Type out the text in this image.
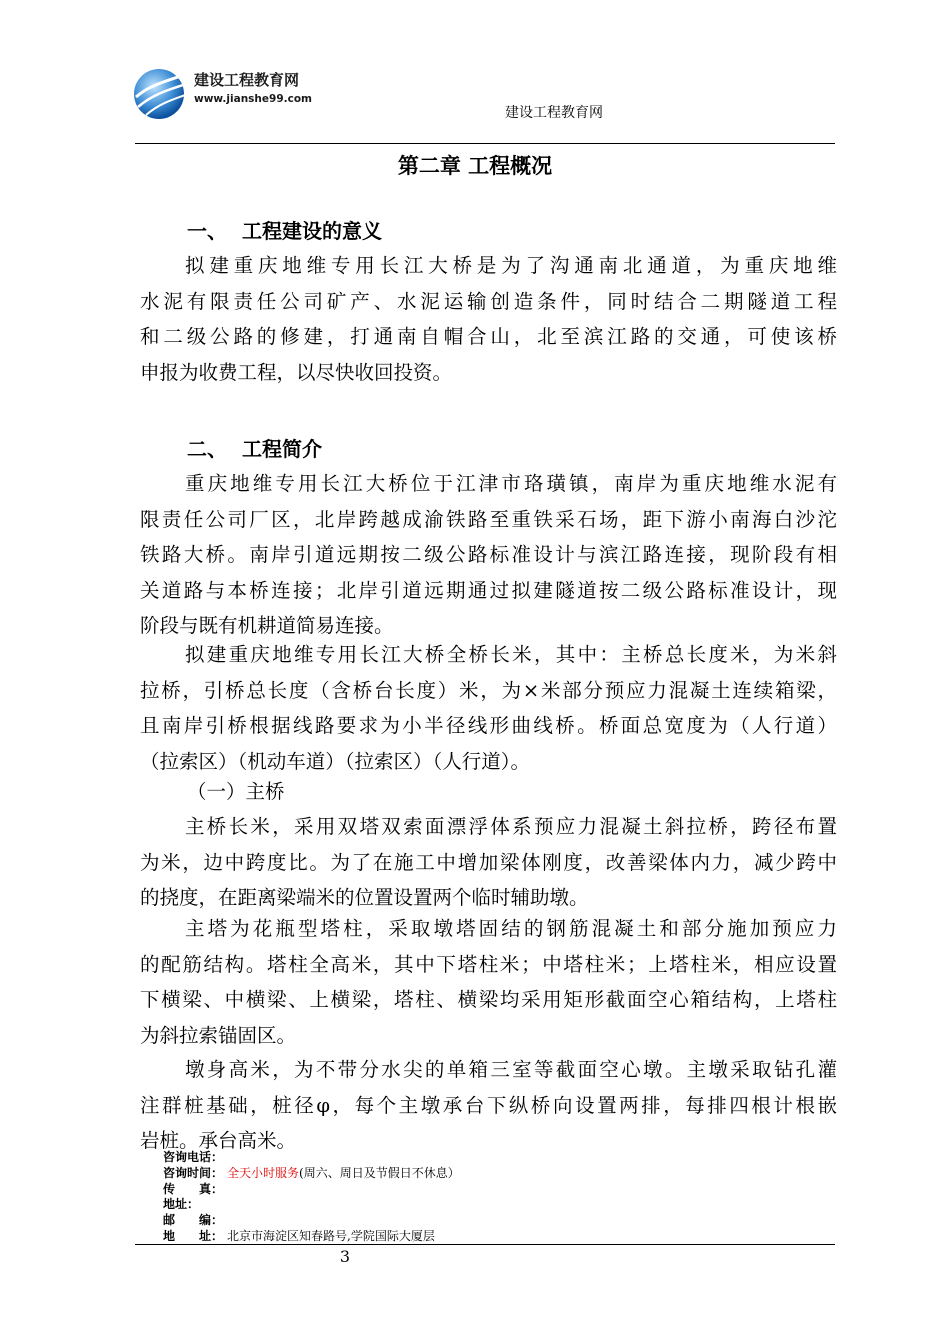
建设工程教育网
www.jianshe99.com
建设工程教育网
第二章 工程概况
一、 工程建设的意义
拟建重庆地维专用长江大桥是为了沟通南北通道，为重庆地维
水泥有限责任公司矿产、水泥运输创造条件，同时结合二期隧道工程
和二级公路的修建，打通南自帽合山，北至滨江路的交通，可使该桥
申报为收费工程，以尽快收回投资。
二、 工程简介
重庆地维专用长江大桥位于江津市珞璜镇，南岸为重庆地维水泥有
限责任公司厂区，北岸跨越成渝铁路至重铁采石场，距下游小南海白沙沱
铁路大桥。南岸引道远期按二级公路标准设计与滨江路连接，现阶段有相
关道路与本桥连接；北岸引道远期通过拟建隧道按二级公路标准设计，现
阶段与既有机耕道简易连接。
拟建重庆地维专用长江大桥全桥长米，其中：主桥总长度米，为米斜
拉桥，引桥总长度（含桥台长度）米，为×米部分预应力混凝土连续箱梁，
且南岸引桥根据线路要求为小半径线形曲线桥。桥面总宽度为（人行道）
（拉索区）（机动车道）（拉索区）（人行道）。
（一）主桥
主桥长米，采用双塔双索面漂浮体系预应力混凝土斜拉桥，跨径布置
为米，边中跨度比。为了在施工中增加梁体刚度，改善梁体内力，减少跨中
的挠度，在距离梁端米的位置设置两个临时辅助墩。
主塔为花瓶型塔柱，采取墩塔固结的钢筋混凝土和部分施加预应力
的配筋结构。塔柱全高米，其中下塔柱米；中塔柱米；上塔柱米，相应设置
下横梁、中横梁、上横梁，塔柱、横梁均采用矩形截面空心箱结构，上塔柱
为斜拉索锚固区。
墩身高米，为不带分水尖的单箱三室等截面空心墩。主墩采取钻孔灌
注群桩基础，桩径φ，每个主墩承台下纵桥向设置两排，每排四根计根嵌
岩桩。承台高米。
咨询电话：
咨询时间： 全天小时服务(周六、周日及节假日不休息）
传　　真：
地址：
邮　　编：
地　　址： 北京市海淀区知春路号,学院国际大厦层
3
